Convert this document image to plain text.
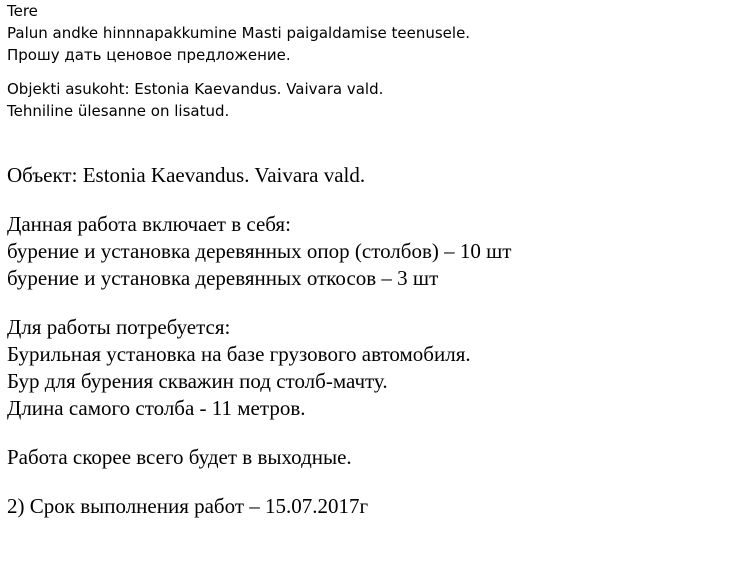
Tere

Palun andke hinnnapakkumine Masti paigaldamise teenusele.

Прошу дать ценовое предложение.

Objekti asukoht: Estonia Kaevandus. Vaivara vald.

Tehniline ülesanne on lisatud.

Объект: Estonia Kaevandus. Vaivara vald.

Данная работа включает в себя:

бурение и установка деревянных опор (столбов) – 10 шт

бурение и установка деревянных откосов – 3 шт

Для работы потребуется:

Бурильная установка на базе грузового автомобиля.

Бур для бурения скважин под столб-мачту.

Длина самого столба - 11 метров.

Работа скорее всего будет в выходные.

2) Срок выполнения работ – 15.07.2017г
